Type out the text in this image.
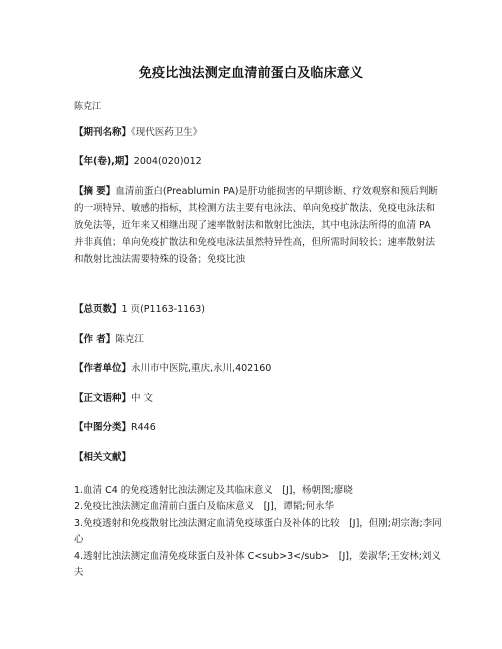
免疫比浊法测定血清前蛋白及临床意义
陈克江
【期刊名称】《现代医药卫生》
【年(卷),期】2004(020)012
【摘 要】血清前蛋白(Preablumin PA)是肝功能损害的早期诊断、疗效观察和预后判断的一项特异、敏感的指标，其检测方法主要有电泳法、单向免疫扩散法、免疫电泳法和放免法等，近年来又相继出现了速率散射法和散射比浊法，其中电泳法所得的血清 PA 并非真值；单向免疫扩散法和免疫电泳法虽然特异性高，但所需时间较长；速率散射法和散射比浊法需要特殊的设备；免疫比浊
【总页数】1 页(P1163-1163)
【作 者】陈克江
【作者单位】永川市中医院,重庆,永川,402160
【正文语种】中 文
【中图分类】R446
【相关文献】
1.血清 C4 的免疫透射比浊法测定及其临床意义　[J]，杨朝图;廖晓
2.免疫比浊法测定血清前白蛋白及临床意义　[J]，谭韬;何永华
3.免疫透射和免疫散射比浊法测定血清免疫球蛋白及补体的比较　[J]，但刚;胡宗海;李同心
4.透射比浊法测定血清免疫球蛋白及补体 C<sub>3</sub>　[J]，姜淑华;王安林;刘义夫
